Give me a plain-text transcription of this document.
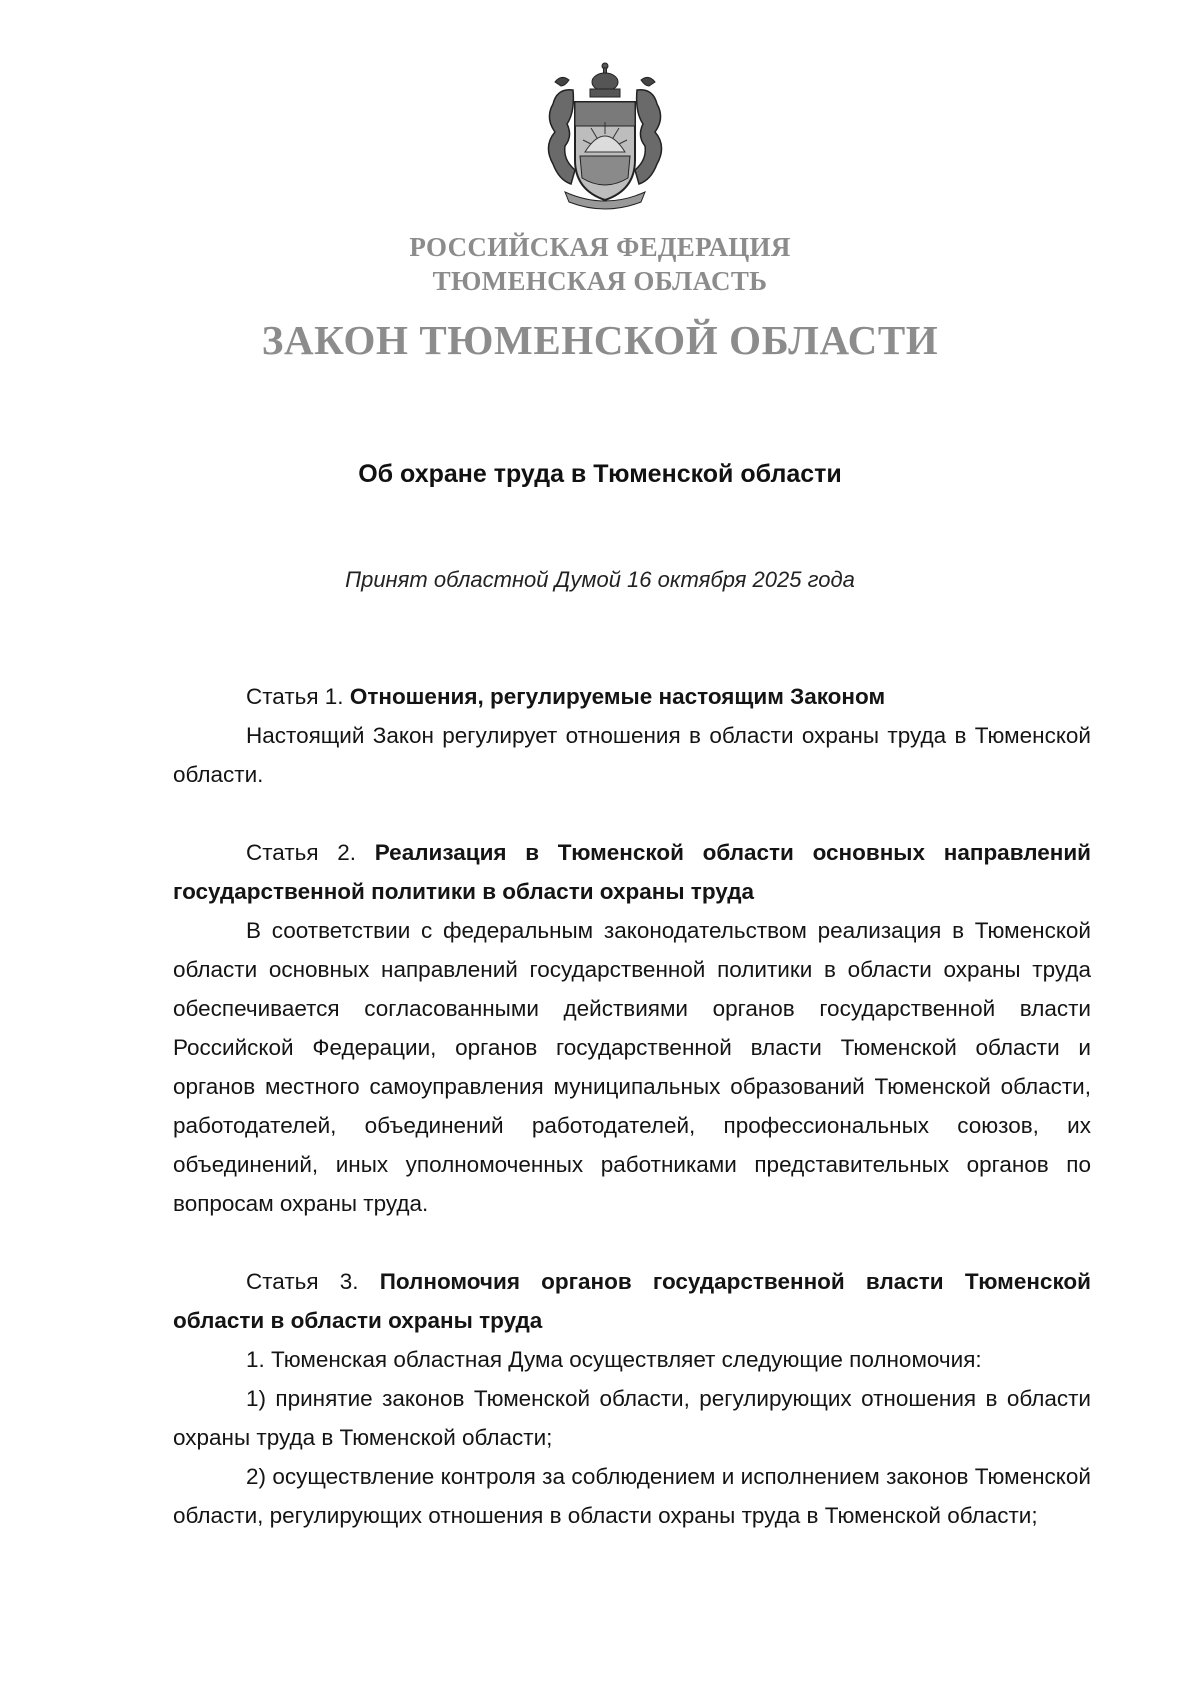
РОССИЙСКАЯ ФЕДЕРАЦИЯ
ТЮМЕНСКАЯ ОБЛАСТЬ
ЗАКОН ТЮМЕНСКОЙ ОБЛАСТИ
Об охране труда в Тюменской области
Принят областной Думой 16 октября 2025 года

Статья 1. Отношения, регулируемые настоящим Законом

Настоящий Закон регулирует отношения в области охраны труда в Тюменской области.

Статья 2. Реализация в Тюменской области основных направлений государственной политики в области охраны труда

В соответствии с федеральным законодательством реализация в Тюменской области основных направлений государственной политики в области охраны труда обеспечивается согласованными действиями органов государственной власти Российской Федерации, органов государственной власти Тюменской области и органов местного самоуправления муниципальных образований Тюменской области, работодателей, объединений работодателей, профессиональных союзов, их объединений, иных уполномоченных работниками представительных органов по вопросам охраны труда.

Статья 3. Полномочия органов государственной власти Тюменской области в области охраны труда

1. Тюменская областная Дума осуществляет следующие полномочия:

1) принятие законов Тюменской области, регулирующих отношения в области охраны труда в Тюменской области;

2) осуществление контроля за соблюдением и исполнением законов Тюменской области, регулирующих отношения в области охраны труда в Тюменской области;
